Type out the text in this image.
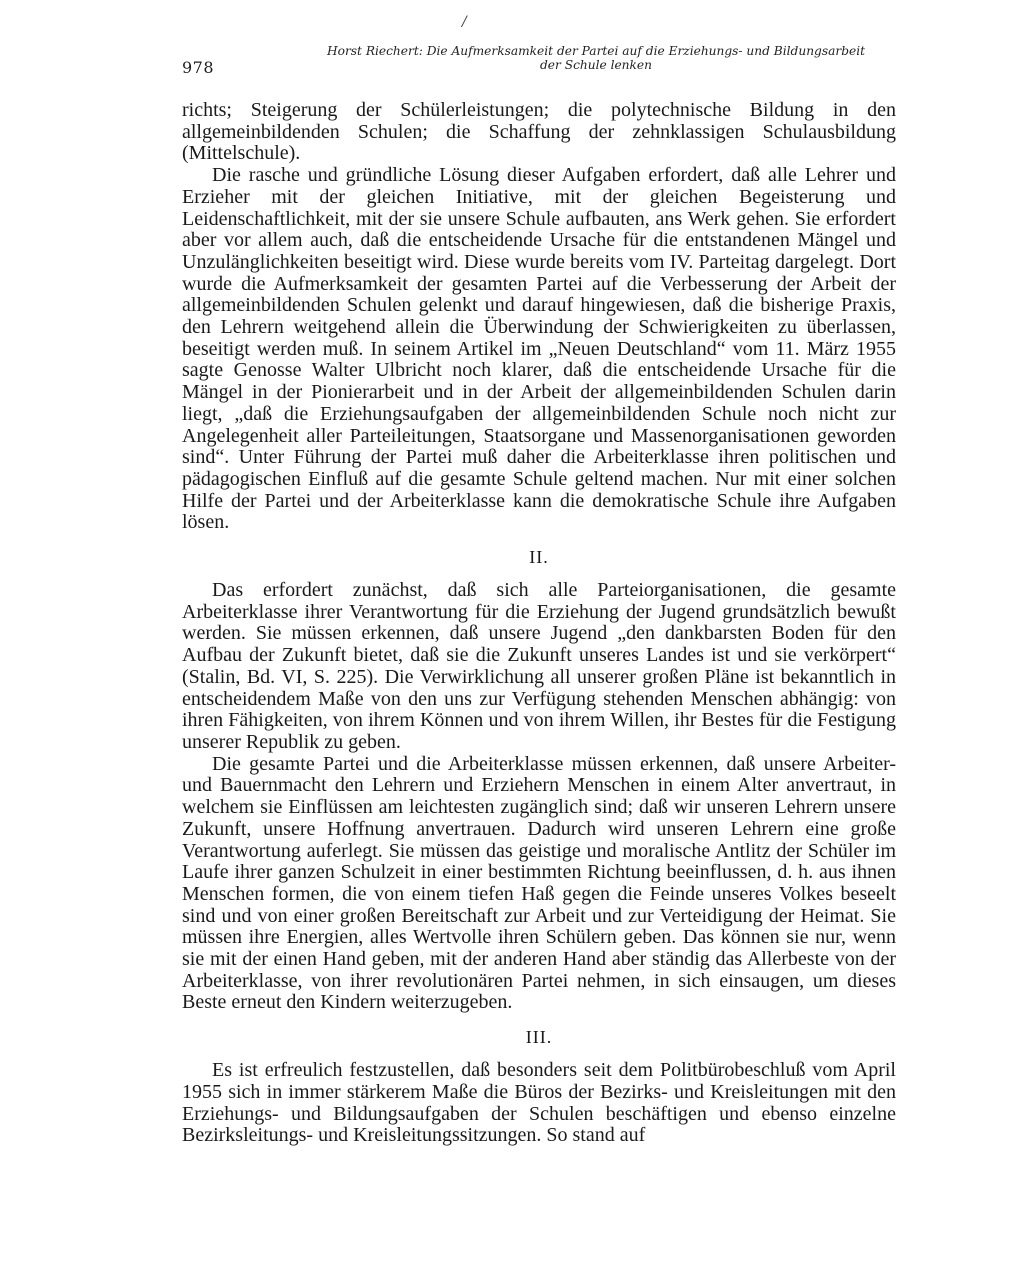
/
978
Horst Riechert: Die Aufmerksamkeit der Partei auf die Erziehungs- und Bildungsarbeit
der Schule lenken

richts; Steigerung der Schülerleistungen; die polytechnische Bildung in den allgemeinbildenden Schulen; die Schaffung der zehnklassigen Schulausbildung (Mittelschule).

Die rasche und gründliche Lösung dieser Aufgaben erfordert, daß alle Lehrer und Erzieher mit der gleichen Initiative, mit der gleichen Begeisterung und Leidenschaftlichkeit, mit der sie unsere Schule aufbauten, ans Werk gehen. Sie erfordert aber vor allem auch, daß die entscheidende Ursache für die entstandenen Mängel und Unzulänglichkeiten beseitigt wird. Diese wurde bereits vom IV. Parteitag dargelegt. Dort wurde die Aufmerksamkeit der gesamten Partei auf die Verbesserung der Arbeit der allgemeinbildenden Schulen gelenkt und darauf hingewiesen, daß die bisherige Praxis, den Lehrern weitgehend allein die Überwindung der Schwierigkeiten zu überlassen, beseitigt werden muß. In seinem Artikel im „Neuen Deutschland“ vom 11. März 1955 sagte Genosse Walter Ulbricht noch klarer, daß die entscheidende Ursache für die Mängel in der Pionierarbeit und in der Arbeit der allgemeinbildenden Schulen darin liegt, „daß die Erziehungsaufgaben der allgemeinbildenden Schule noch nicht zur Angelegenheit aller Parteileitungen, Staatsorgane und Massenorganisationen geworden sind“. Unter Führung der Partei muß daher die Arbeiterklasse ihren politischen und pädagogischen Einfluß auf die gesamte Schule geltend machen. Nur mit einer solchen Hilfe der Partei und der Arbeiterklasse kann die demokratische Schule ihre Aufgaben lösen.

II.

Das erfordert zunächst, daß sich alle Parteiorganisationen, die gesamte Arbeiterklasse ihrer Verantwortung für die Erziehung der Jugend grundsätzlich bewußt werden. Sie müssen erkennen, daß unsere Jugend „den dankbarsten Boden für den Aufbau der Zukunft bietet, daß sie die Zukunft unseres Landes ist und sie verkörpert“ (Stalin, Bd. VI, S. 225). Die Verwirklichung all unserer großen Pläne ist bekanntlich in entscheidendem Maße von den uns zur Verfügung stehenden Menschen abhängig: von ihren Fähigkeiten, von ihrem Können und von ihrem Willen, ihr Bestes für die Festigung unserer Republik zu geben.

Die gesamte Partei und die Arbeiterklasse müssen erkennen, daß unsere Arbeiter- und Bauernmacht den Lehrern und Erziehern Menschen in einem Alter anvertraut, in welchem sie Einflüssen am leichtesten zugänglich sind; daß wir unseren Lehrern unsere Zukunft, unsere Hoffnung anvertrauen. Dadurch wird unseren Lehrern eine große Verantwortung auferlegt. Sie müssen das geistige und moralische Antlitz der Schüler im Laufe ihrer ganzen Schulzeit in einer bestimmten Richtung beeinflussen, d. h. aus ihnen Menschen formen, die von einem tiefen Haß gegen die Feinde unseres Volkes beseelt sind und von einer großen Bereitschaft zur Arbeit und zur Verteidigung der Heimat. Sie müssen ihre Energien, alles Wertvolle ihren Schülern geben. Das können sie nur, wenn sie mit der einen Hand geben, mit der anderen Hand aber ständig das Allerbeste von der Arbeiterklasse, von ihrer revolutionären Partei nehmen, in sich einsaugen, um dieses Beste erneut den Kindern weiterzugeben.

III.

Es ist erfreulich festzustellen, daß besonders seit dem Politbürobeschluß vom April 1955 sich in immer stärkerem Maße die Büros der Bezirks- und Kreisleitungen mit den Erziehungs- und Bildungsaufgaben der Schulen beschäftigen und ebenso einzelne Bezirksleitungs- und Kreisleitungssitzungen. So stand auf
